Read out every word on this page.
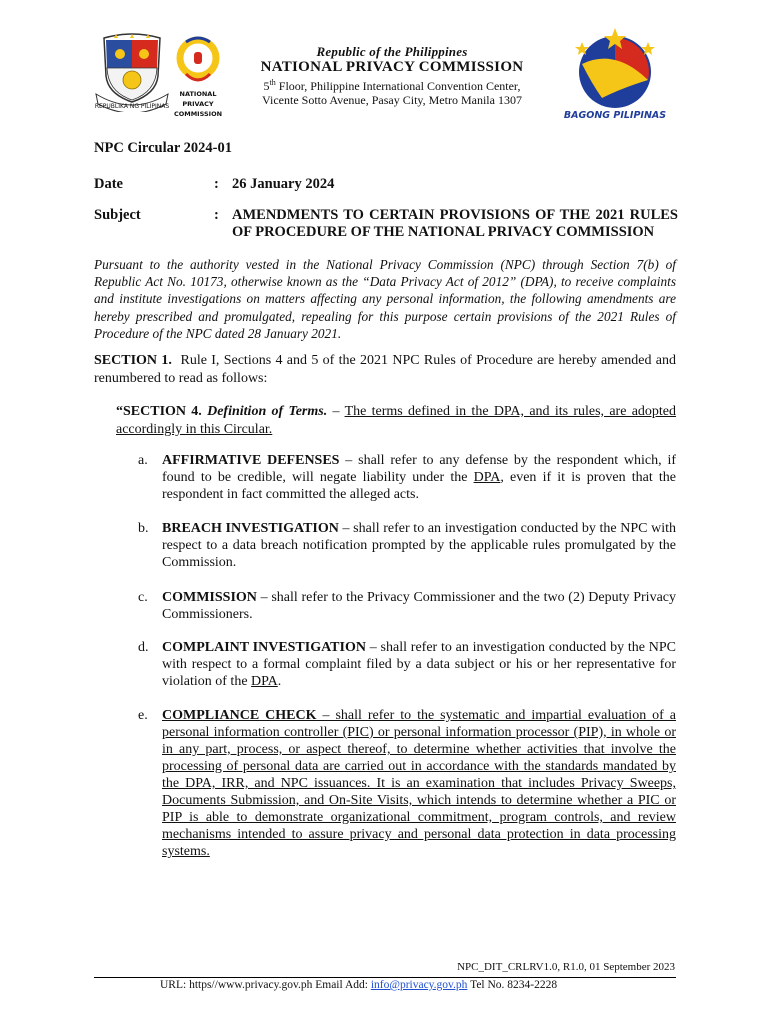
REPUBLIKA NG PILIPINAS
NATIONAL
PRIVACY
COMMISSION	BAGONG PILIPINAS
Republic of the Philippines
NATIONAL PRIVACY COMMISSION
5th Floor, Philippine International Convention Center,
Vicente Sotto Avenue, Pasay City, Metro Manila 1307
NPC Circular 2024-01
Date	: 26 January 2024
Subject	: AMENDMENTS TO CERTAIN PROVISIONS OF THE 2021 RULES OF PROCEDURE OF THE NATIONAL PRIVACY COMMISSION
Pursuant to the authority vested in the National Privacy Commission (NPC) through Section 7(b) of Republic Act No. 10173, otherwise known as the “Data Privacy Act of 2012” (DPA), to receive complaints and institute investigations on matters affecting any personal information, the following amendments are hereby prescribed and promulgated, repealing for this purpose certain provisions of the 2021 Rules of Procedure of the NPC dated 28 January 2021.
SECTION 1. Rule I, Sections 4 and 5 of the 2021 NPC Rules of Procedure are hereby amended and renumbered to read as follows:
“SECTION 4. Definition of Terms. – The terms defined in the DPA, and its rules, are adopted accordingly in this Circular.
a. AFFIRMATIVE DEFENSES – shall refer to any defense by the respondent which, if found to be credible, will negate liability under the DPA, even if it is proven that the respondent in fact committed the alleged acts.
b. BREACH INVESTIGATION – shall refer to an investigation conducted by the NPC with respect to a data breach notification prompted by the applicable rules promulgated by the Commission.
c. COMMISSION – shall refer to the Privacy Commissioner and the two (2) Deputy Privacy Commissioners.
d. COMPLAINT INVESTIGATION – shall refer to an investigation conducted by the NPC with respect to a formal complaint filed by a data subject or his or her representative for violation of the DPA.
e. COMPLIANCE CHECK – shall refer to the systematic and impartial evaluation of a personal information controller (PIC) or personal information processor (PIP), in whole or in any part, process, or aspect thereof, to determine whether activities that involve the processing of personal data are carried out in accordance with the standards mandated by the DPA, IRR, and NPC issuances. It is an examination that includes Privacy Sweeps, Documents Submission, and On-Site Visits, which intends to determine whether a PIC or PIP is able to demonstrate organizational commitment, program controls, and review mechanisms intended to assure privacy and personal data protection in data processing systems.
NPC_DIT_CRLRV1.0, R1.0, 01 September 2023
URL: https//www.privacy.gov.ph Email Add: info@privacy.gov.ph Tel No. 8234-2228
